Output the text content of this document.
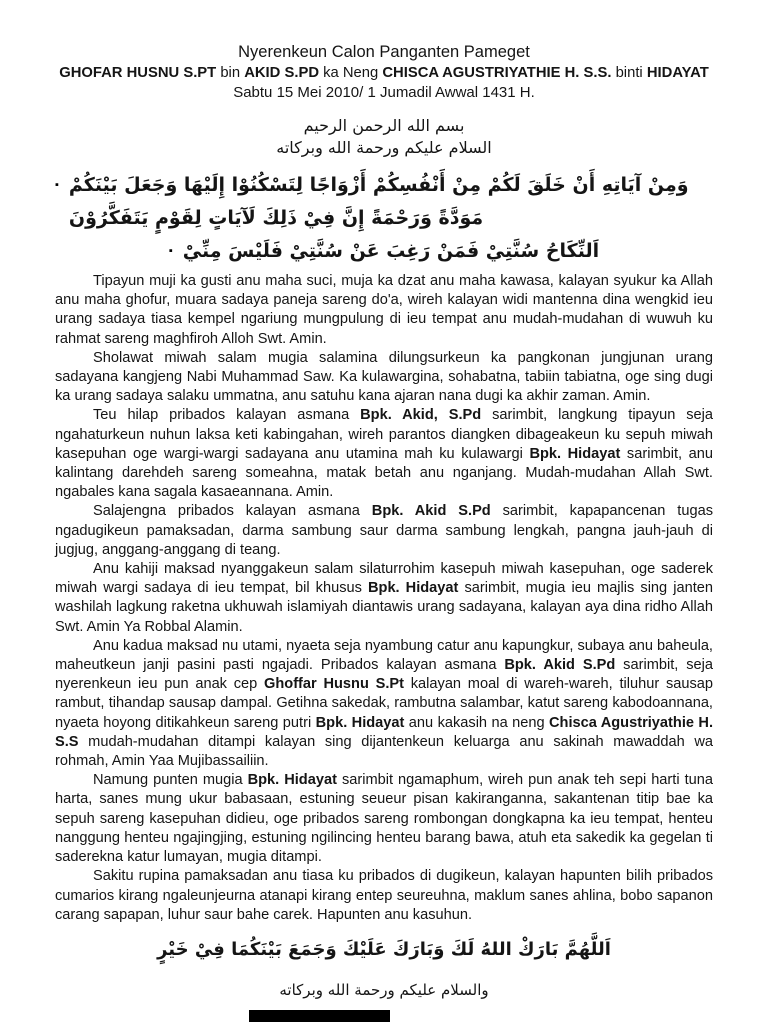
Nyerenkeun Calon Panganten Pameget
GHOFAR HUSNU S.PT bin AKID S.PD ka Neng CHISCA AGUSTRIYATHIE H. S.S. binti HIDAYAT
Sabtu 15 Mei 2010/ 1 Jumadil Awwal 1431 H.
بسم الله الرحمن الرحيم
السلام عليكم ورحمة الله وبركاته
▪ وَمِنْ آيَاتِهِ أَنْ خَلَقَ لَكُمْ مِنْ أَنْفُسِكُمْ أَزْوَاجًا لِتَسْكُنُوْا إِلَيْهَا وَجَعَلَ بَيْنَكُمْ مَوَدَّةً وَرَحْمَةً إِنَّ فِيْ ذَلِكَ لَآيَاتٍ لِقَوْمٍ يَتَفَكَّرُوْنَ
▪ اَلنِّكَاحُ سُنَّتِيْ فَمَنْ رَغِبَ عَنْ سُنَّتِيْ فَلَيْسَ مِنِّيْ

Tipayun muji ka gusti anu maha suci, muja ka dzat anu maha kawasa, kalayan syukur ka Allah anu maha ghofur, muara sadaya paneja sareng do'a, wireh kalayan widi mantenna dina wengkid ieu urang sadaya tiasa kempel ngariung mungpulung di ieu tempat anu mudah-mudahan di wuwuh ku rahmat sareng maghfiroh Alloh Swt. Amin.

Sholawat miwah salam mugia salamina dilungsurkeun ka pangkonan jungjunan urang sadayana kangjeng Nabi Muhammad Saw. Ka kulawargina, sohabatna, tabiin tabiatna, oge sing dugi ka urang sadaya salaku ummatna, anu satuhu kana ajaran nana dugi ka akhir zaman. Amin.

Teu hilap pribados kalayan asmana Bpk. Akid, S.Pd sarimbit, langkung tipayun seja ngahaturkeun nuhun laksa keti kabingahan, wireh parantos diangken dibageakeun ku sepuh miwah kasepuhan oge wargi-wargi sadayana anu utamina mah ku kulawargi Bpk. Hidayat sarimbit, anu kalintang darehdeh sareng someahna, matak betah anu nganjang. Mudah-mudahan Allah Swt. ngabales kana sagala kasaeannana. Amin.

Salajengna pribados kalayan asmana Bpk. Akid S.Pd sarimbit, kapapancenan tugas ngadugikeun pamaksadan, darma sambung saur darma sambung lengkah, pangna jauh-jauh di jugjug, anggang-anggang di teang.

Anu kahiji maksad nyanggakeun salam silaturrohim kasepuh miwah kasepuhan, oge saderek miwah wargi sadaya di ieu tempat, bil khusus Bpk. Hidayat sarimbit, mugia ieu majlis sing janten washilah lagkung raketna ukhuwah islamiyah diantawis urang sadayana, kalayan aya dina ridho Allah Swt. Amin Ya Robbal Alamin.

Anu kadua maksad nu utami, nyaeta seja nyambung catur anu kapungkur, subaya anu baheula, maheutkeun janji pasini pasti ngajadi. Pribados kalayan asmana Bpk. Akid S.Pd sarimbit, seja nyerenkeun ieu pun anak cep Ghoffar Husnu S.Pt kalayan moal di wareh-wareh, tiluhur sausap rambut, tihandap sausap dampal. Getihna sakedak, rambutna salambar, katut sareng kabodoannana, nyaeta hoyong ditikahkeun sareng putri Bpk. Hidayat anu kakasih na neng Chisca Agustriyathie H. S.S mudah-mudahan ditampi kalayan sing dijantenkeun keluarga anu sakinah mawaddah wa rohmah, Amin Yaa Mujibassailiin.

Namung punten mugia Bpk. Hidayat sarimbit ngamaphum, wireh pun anak teh sepi harti tuna harta, sanes mung ukur babasaan, estuning seueur pisan kakiranganna, sakantenan titip bae ka sepuh sareng kasepuhan didieu, oge pribados sareng rombongan dongkapna ka ieu tempat, henteu nanggung henteu ngajingjing, estuning ngilincing henteu barang bawa, atuh eta sakedik ka gegelan ti saderekna katur lumayan, mugia ditampi.

Sakitu rupina pamaksadan anu tiasa ku pribados di dugikeun, kalayan hapunten bilih pribados cumarios kirang ngaleunjeurna atanapi kirang entep seureuhna, maklum sanes ahlina, bobo sapanon carang sapapan, luhur saur bahe carek. Hapunten anu kasuhun.

اَللَّهُمَّ بَارَكْ اللهُ لَكَ وَبَارَكَ عَلَيْكَ وَجَمَعَ بَيْنَكُمَا فِيْ خَيْرٍ
والسلام عليكم ورحمة الله وبركاته
